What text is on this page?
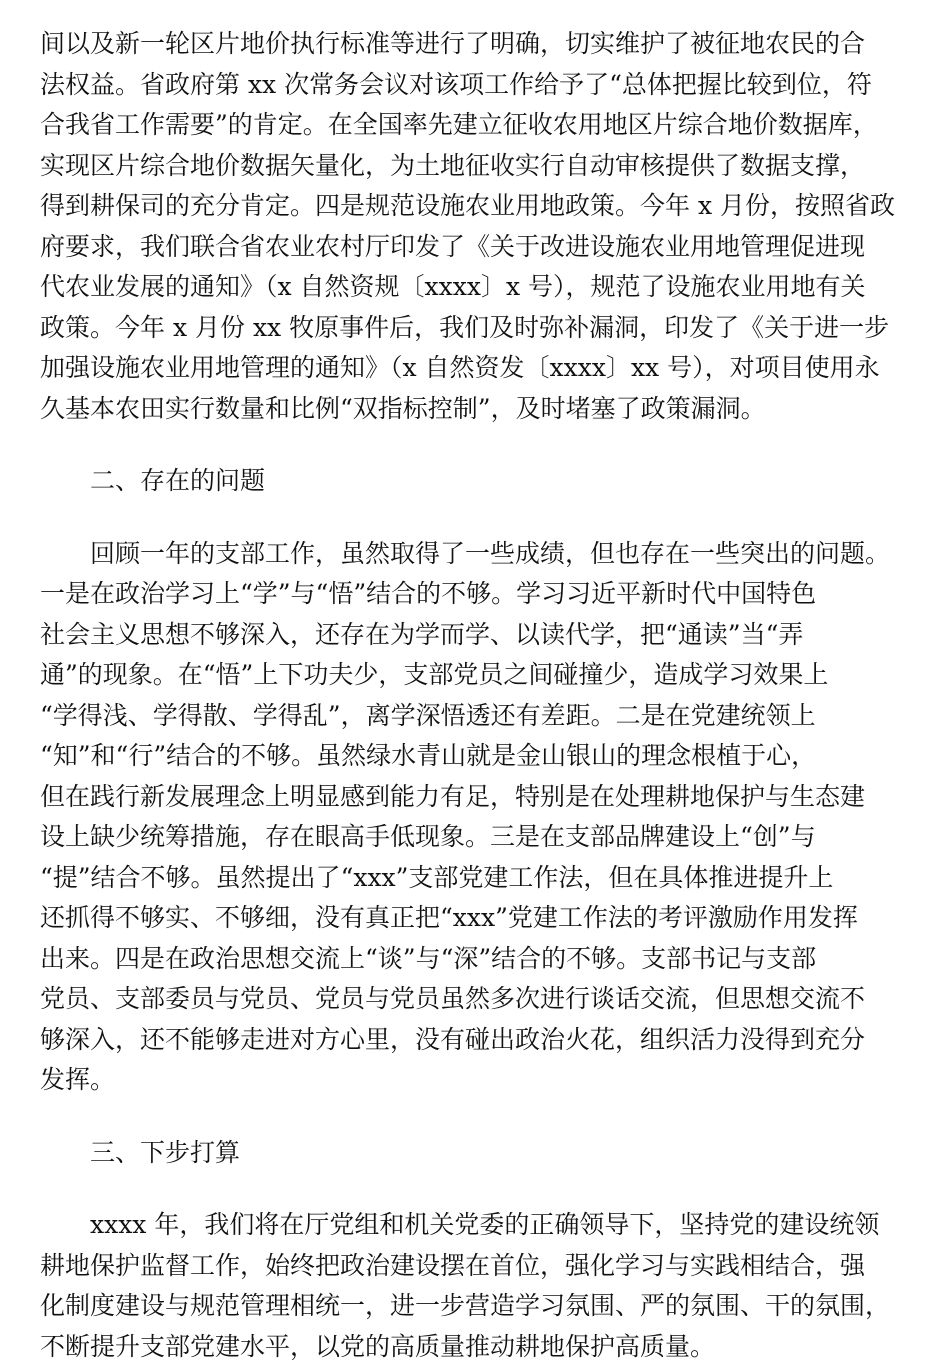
间以及新一轮区片地价执行标准等进行了明确，切实维护了被征地农民的合
法权益。省政府第 xx 次常务会议对该项工作给予了“总体把握比较到位，符
合我省工作需要”的肯定。在全国率先建立征收农用地区片综合地价数据库，
实现区片综合地价数据矢量化，为土地征收实行自动审核提供了数据支撑，
得到耕保司的充分肯定。四是规范设施农业用地政策。今年 x 月份，按照省政
府要求，我们联合省农业农村厅印发了《关于改进设施农业用地管理促进现
代农业发展的通知》（x 自然资规〔xxxx〕x 号），规范了设施农业用地有关
政策。今年 x 月份 xx 牧原事件后，我们及时弥补漏洞，印发了《关于进一步
加强设施农业用地管理的通知》（x 自然资发〔xxxx〕xx 号），对项目使用永
久基本农田实行数量和比例“双指标控制”，及时堵塞了政策漏洞。
二、存在的问题
回顾一年的支部工作，虽然取得了一些成绩，但也存在一些突出的问题。
一是在政治学习上“学”与“悟”结合的不够。学习习近平新时代中国特色
社会主义思想不够深入，还存在为学而学、以读代学，把“通读”当“弄
通”的现象。在“悟”上下功夫少，支部党员之间碰撞少，造成学习效果上
“学得浅、学得散、学得乱”，离学深悟透还有差距。二是在党建统领上
“知”和“行”结合的不够。虽然绿水青山就是金山银山的理念根植于心，
但在践行新发展理念上明显感到能力有足，特别是在处理耕地保护与生态建
设上缺少统筹措施，存在眼高手低现象。三是在支部品牌建设上“创”与
“提”结合不够。虽然提出了“xxx”支部党建工作法，但在具体推进提升上
还抓得不够实、不够细，没有真正把“xxx”党建工作法的考评激励作用发挥
出来。四是在政治思想交流上“谈”与“深”结合的不够。支部书记与支部
党员、支部委员与党员、党员与党员虽然多次进行谈话交流，但思想交流不
够深入，还不能够走进对方心里，没有碰出政治火花，组织活力没得到充分
发挥。
三、下步打算
xxxx 年，我们将在厅党组和机关党委的正确领导下，坚持党的建设统领
耕地保护监督工作，始终把政治建设摆在首位，强化学习与实践相结合，强
化制度建设与规范管理相统一，进一步营造学习氛围、严的氛围、干的氛围，
不断提升支部党建水平，以党的高质量推动耕地保护高质量。
